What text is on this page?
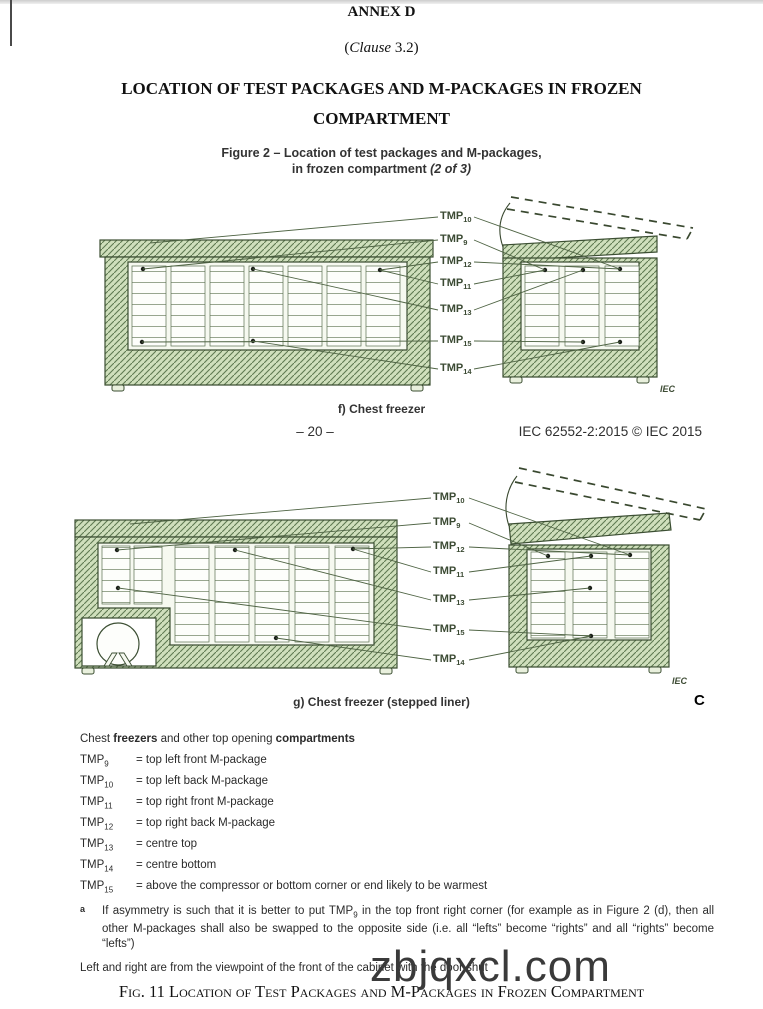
ANNEX D
(Clause 3.2)
LOCATION OF TEST PACKAGES AND M-PACKAGES IN FROZEN
COMPARTMENT
Figure 2 – Location of test packages and M-packages,
in frozen compartment (2 of 3)
$TMP_{10}$
$TMP_9$
$TMP_{12}$
$TMP_{11}$
$TMP_{13}$
$TMP_{15}$
$TMP_{14}$
IEC
f) Chest freezer
– 20 –	IEC 62552-2:2015 © IEC 2015
$TMP_{10}$
$TMP_9$
$TMP_{12}$
$TMP_{11}$
$TMP_{13}$
$TMP_{15}$
$TMP_{14}$
IEC
C
g) Chest freezer (stepped liner)
Chest freezers and other top opening compartments
$TMP_9$	= top left front M-package
$TMP_{10}$	= top left back M-package
$TMP_{11}$	= top right front M-package
$TMP_{12}$	= top right back M-package
$TMP_{13}$	= centre top
$TMP_{14}$	= centre bottom
$TMP_{15}$	= above the compressor or bottom corner or end likely to be warmest
a	If asymmetry is such that it is better to put $TMP_9$ in the top front right corner (for example as in Figure 2 (d), then all other M-packages shall also be swapped to the opposite side (i.e. all “lefts” become “rights” and all “rights” become “lefts”)
Left and right are from the viewpoint of the front of the cabinet with the door shut
zbjqxcl.com
Fig. 11 Location of Test Packages and M-Packages in Frozen Compartment
